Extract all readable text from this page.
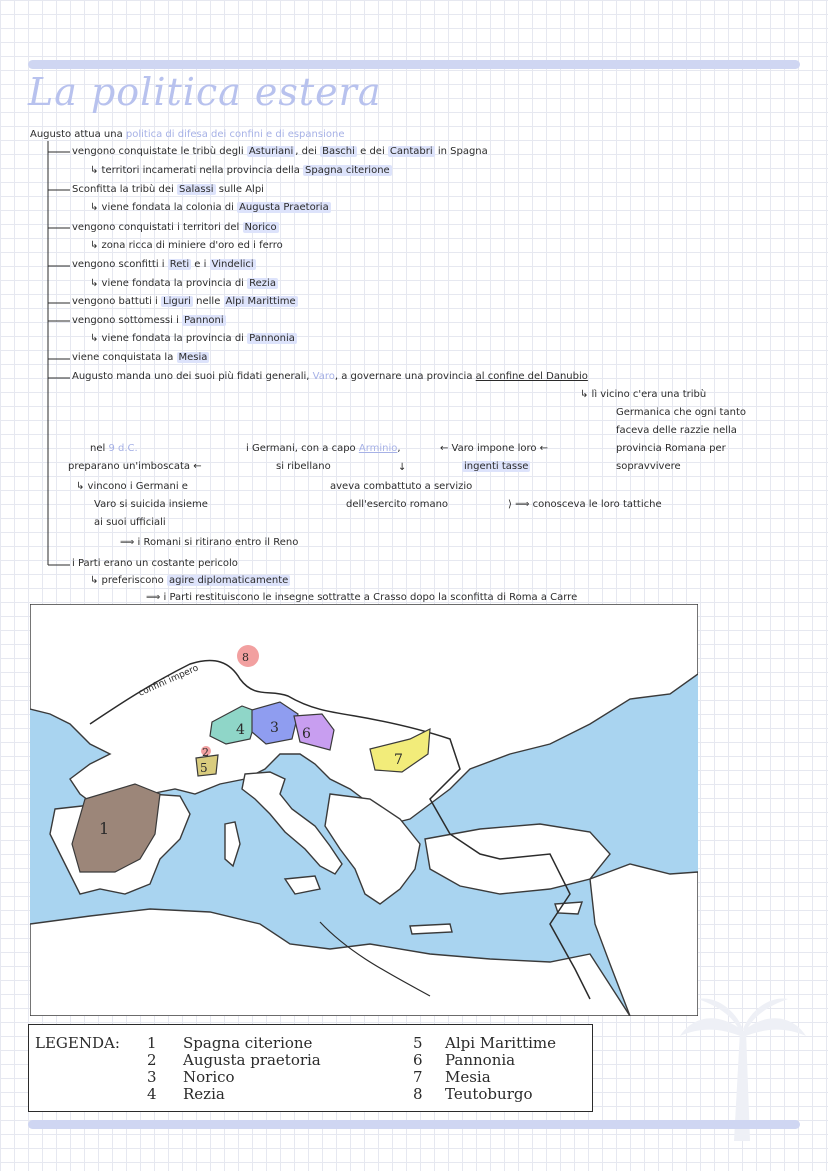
La politica estera
Augusto attua una politica di difesa dei confini e di espansione
vengono conquistate le tribù degli Asturiani , dei Baschi e dei Cantabri in Spagna
↳ territori incamerati nella provincia della Spagna citerione
Sconfitta la tribù dei Salassi sulle Alpi
↳ viene fondata la colonia di Augusta Praetoria
vengono conquistati i territori del Norico
↳ zona ricca di miniere d'oro ed i ferro
vengono sconfitti i Reti e i Vindelici
↳ viene fondata la provincia di Rezia
vengono battuti i Liguri nelle Alpi Marittime
vengono sottomessi i Pannoni
↳ viene fondata la provincia di Pannonia
viene conquistata la Mesia
Augusto manda uno dei suoi più fidati generali, Varo, a governare una provincia al confine del Danubio
↳ lì vicino c'era una tribù
Germanica che ogni tanto
faceva delle razzie nella
provincia Romana per
sopravvivere
← Varo impone loro ←
ingenti tasse
i Germani, con a capo Arminio,
si ribellano	↓
aveva combattuto a servizio
dell'esercito romano	⟩ ⟹ conosceva le loro tattiche
nel 9 d.C.
preparano un'imboscata ←
↳ vincono i Germani e
Varo si suicida insieme
ai suoi ufficiali
⟹ i Romani si ritirano entro il Reno
i Parti erano un costante pericolo
↳ preferiscono agire diplomaticamente
⟹ i Parti restituiscono le insegne sottratte a Crasso dopo la sconfitta di Roma a Carre
1
2
3
4
5
6
7
8
confini impero
LEGENDA: 1 Spagna citerione
2 Augusta praetoria
3 Norico
4 Rezia
5 Alpi Marittime
6 Pannonia
7 Mesia
8 Teutoburgo
